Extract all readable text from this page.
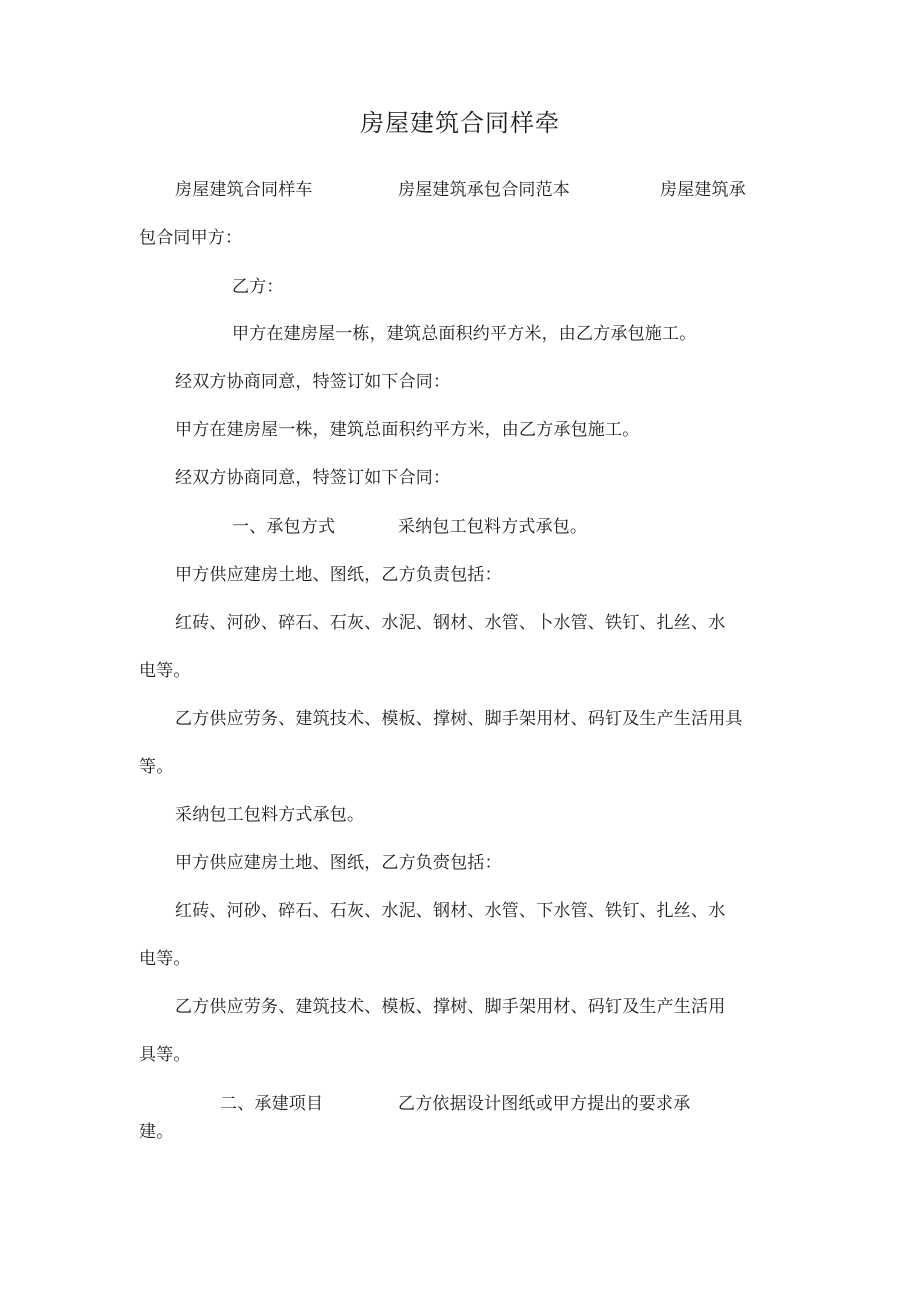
房屋建筑合同样牵
房屋建筑合同样车	房屋建筑承包合同范本	房屋建筑承
包合同甲方：
乙方：
甲方在建房屋一栋，建筑总面积约平方米，由乙方承包施工。
经双方协商同意，特签订如下合同：
甲方在建房屋一株，建筑总面积约平方米，由乙方承包施工。
经双方协商同意，特签订如下合同：
一、承包方式	采纳包工包料方式承包。
甲方供应建房土地、图纸，乙方负责包括：
红砖、河砂、碎石、石灰、水泥、钢材、水管、卜水管、铁钉、扎丝、水
电等。
乙方供应劳务、建筑技术、模板、撑树、脚手架用材、码钉及生产生活用具
等。
采纳包工包料方式承包。
甲方供应建房土地、图纸，乙方负赍包括：
红砖、河砂、碎石、石灰、水泥、钢材、水管、下水管、铁钉、扎丝、水
电等。
乙方供应劳务、建筑技术、模板、撑树、脚手架用材、码钉及生产生活用
具等。
二、承建项目	乙方依据设计图纸或甲方提出的要求承
建。
